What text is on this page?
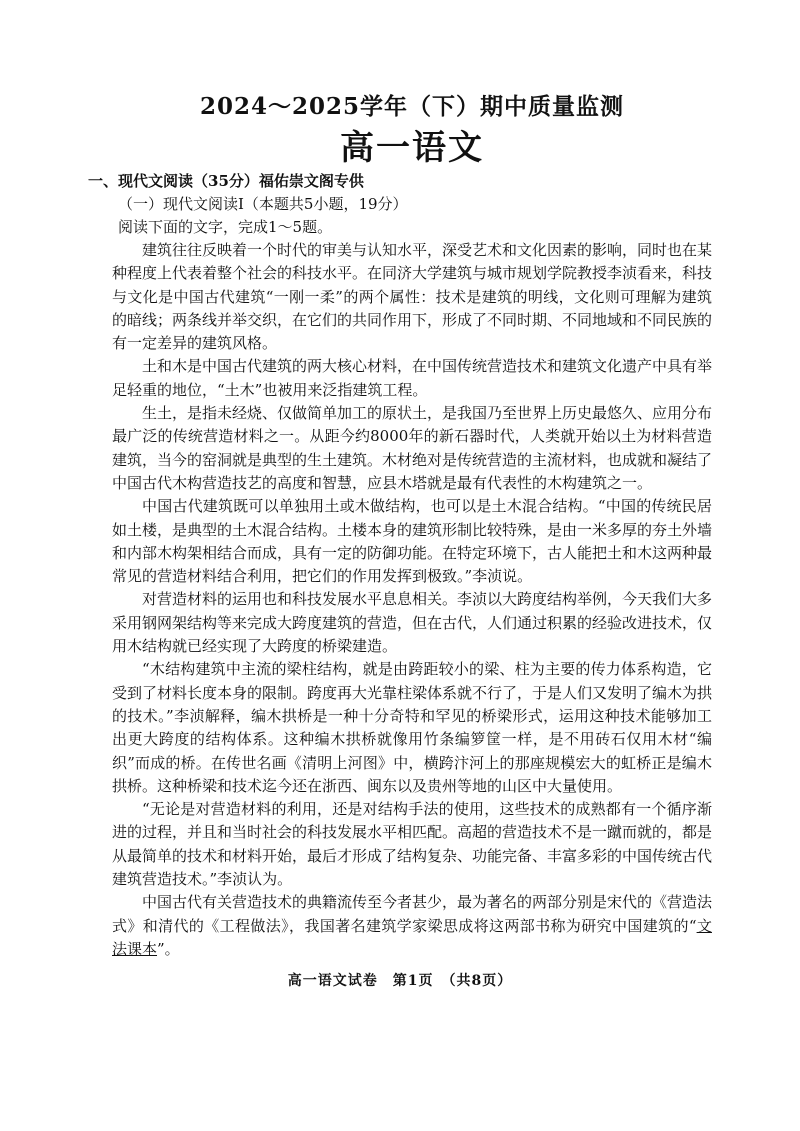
2024～2025学年（下）期中质量监测
高一语文

一、现代文阅读（35分）福佑崇文阁专供

（一）现代文阅读Ⅰ（本题共5小题，19分）

阅读下面的文字，完成1～5题。

建筑往往反映着一个时代的审美与认知水平，深受艺术和文化因素的影响，同时也在某种程度上代表着整个社会的科技水平。在同济大学建筑与城市规划学院教授李浈看来，科技与文化是中国古代建筑“一刚一柔”的两个属性：技术是建筑的明线，文化则可理解为建筑的暗线；两条线并举交织，在它们的共同作用下，形成了不同时期、不同地域和不同民族的有一定差异的建筑风格。

土和木是中国古代建筑的两大核心材料，在中国传统营造技术和建筑文化遗产中具有举足轻重的地位，“土木”也被用来泛指建筑工程。

生土，是指未经烧、仅做简单加工的原状土，是我国乃至世界上历史最悠久、应用分布最广泛的传统营造材料之一。从距今约8000年的新石器时代，人类就开始以土为材料营造建筑，当今的窑洞就是典型的生土建筑。木材绝对是传统营造的主流材料，也成就和凝结了中国古代木构营造技艺的高度和智慧，应县木塔就是最有代表性的木构建筑之一。

中国古代建筑既可以单独用土或木做结构，也可以是土木混合结构。“中国的传统民居如土楼，是典型的土木混合结构。土楼本身的建筑形制比较特殊，是由一米多厚的夯土外墙和内部木构架相结合而成，具有一定的防御功能。在特定环境下，古人能把土和木这两种最常见的营造材料结合利用，把它们的作用发挥到极致。”李浈说。

对营造材料的运用也和科技发展水平息息相关。李浈以大跨度结构举例，今天我们大多采用钢网架结构等来完成大跨度建筑的营造，但在古代，人们通过积累的经验改进技术，仅用木结构就已经实现了大跨度的桥梁建造。

“木结构建筑中主流的梁柱结构，就是由跨距较小的梁、柱为主要的传力体系构造，它受到了材料长度本身的限制。跨度再大光靠柱梁体系就不行了，于是人们又发明了编木为拱的技术。”李浈解释，编木拱桥是一种十分奇特和罕见的桥梁形式，运用这种技术能够加工出更大跨度的结构体系。这种编木拱桥就像用竹条编箩筐一样，是不用砖石仅用木材“编织”而成的桥。在传世名画《清明上河图》中，横跨汴河上的那座规模宏大的虹桥正是编木拱桥。这种桥梁和技术迄今还在浙西、闽东以及贵州等地的山区中大量使用。

“无论是对营造材料的利用，还是对结构手法的使用，这些技术的成熟都有一个循序渐进的过程，并且和当时社会的科技发展水平相匹配。高超的营造技术不是一蹴而就的，都是从最简单的技术和材料开始，最后才形成了结构复杂、功能完备、丰富多彩的中国传统古代建筑营造技术。”李浈认为。

中国古代有关营造技术的典籍流传至今者甚少，最为著名的两部分别是宋代的《营造法式》和清代的《工程做法》，我国著名建筑学家梁思成将这两部书称为研究中国建筑的“文法课本”。

高一语文试卷　第1页　（共8页）
